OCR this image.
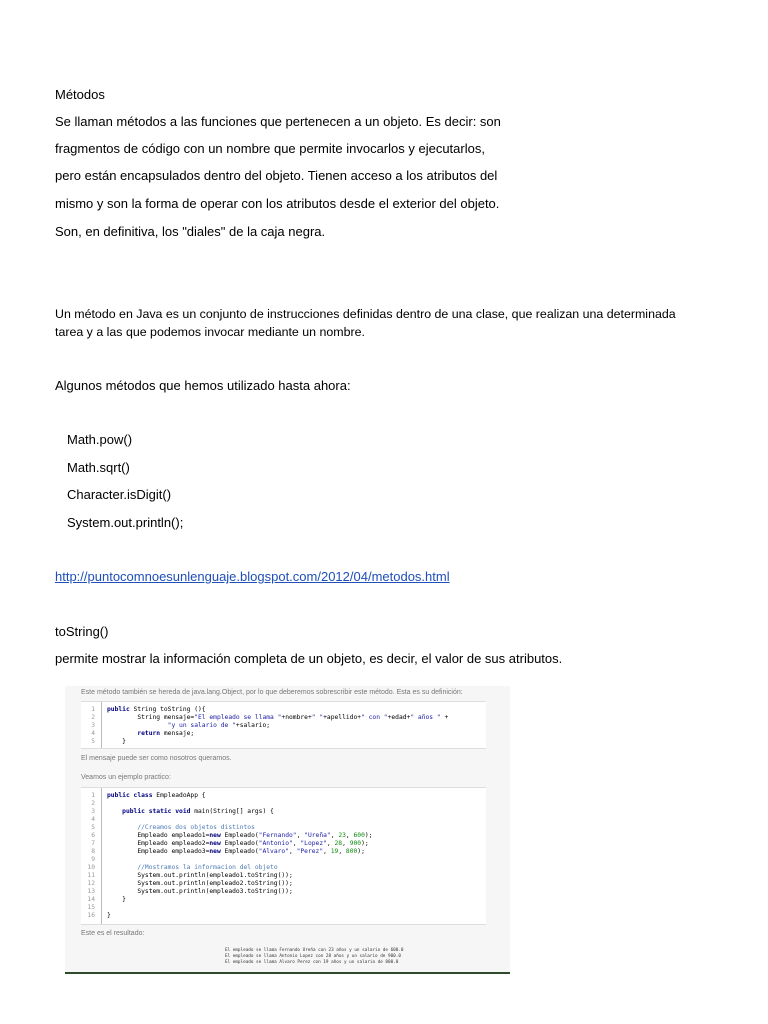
Métodos
Se llaman métodos a las funciones que pertenecen a un objeto. Es decir: son
fragmentos de código con un nombre que permite invocarlos y ejecutarlos,
pero están encapsulados dentro del objeto. Tienen acceso a los atributos del
mismo y son la forma de operar con los atributos desde el exterior del objeto.
Son, en definitiva, los "diales" de la caja negra.
Un método en Java es un conjunto de instrucciones definidas dentro de una clase, que realizan una determinada
tarea y a las que podemos invocar mediante un nombre.
Algunos métodos que hemos utilizado hasta ahora:
Math.pow()
Math.sqrt()
Character.isDigit()
System.out.println();
http://puntocomnoesunlenguaje.blogspot.com/2012/04/metodos.html
toString()
permite mostrar la información completa de un objeto, es decir, el valor de sus atributos.
Este método también se hereda de java.lang.Object, por lo que deberemos sobrescribir este método. Esta es su definición:
1
2
3
4
5
public String toString (){
String mensaje="El empleado se llama "+nombre+" "+apellido+" con "+edad+" años " +
"y un salario de "+salario;
return mensaje;
}
El mensaje puede ser como nosotros queramos.
Veamos un ejemplo practico:
1
2
3
4
5
6
7
8
9
10
11
12
13
14
15
16
public class EmpleadoApp {
public static void main(String[] args) {
//Creamos dos objetos distintos
Empleado empleado1=new Empleado("Fernando", "Ureña", 23, 600);
Empleado empleado2=new Empleado("Antonio", "Lopez", 28, 900);
Empleado empleado3=new Empleado("Alvaro", "Perez", 19, 800);
//Mostramos la informacion del objeto
System.out.println(empleado1.toString());
System.out.println(empleado2.toString());
System.out.println(empleado3.toString());
}
}
Este es el resultado:
El empleado se llama Fernando Ureña con 23 años y un salario de 600.0
El empleado se llama Antonio Lopez con 28 años y un salario de 900.0
El empleado se llama Alvaro Perez con 19 años y un salario de 800.0
